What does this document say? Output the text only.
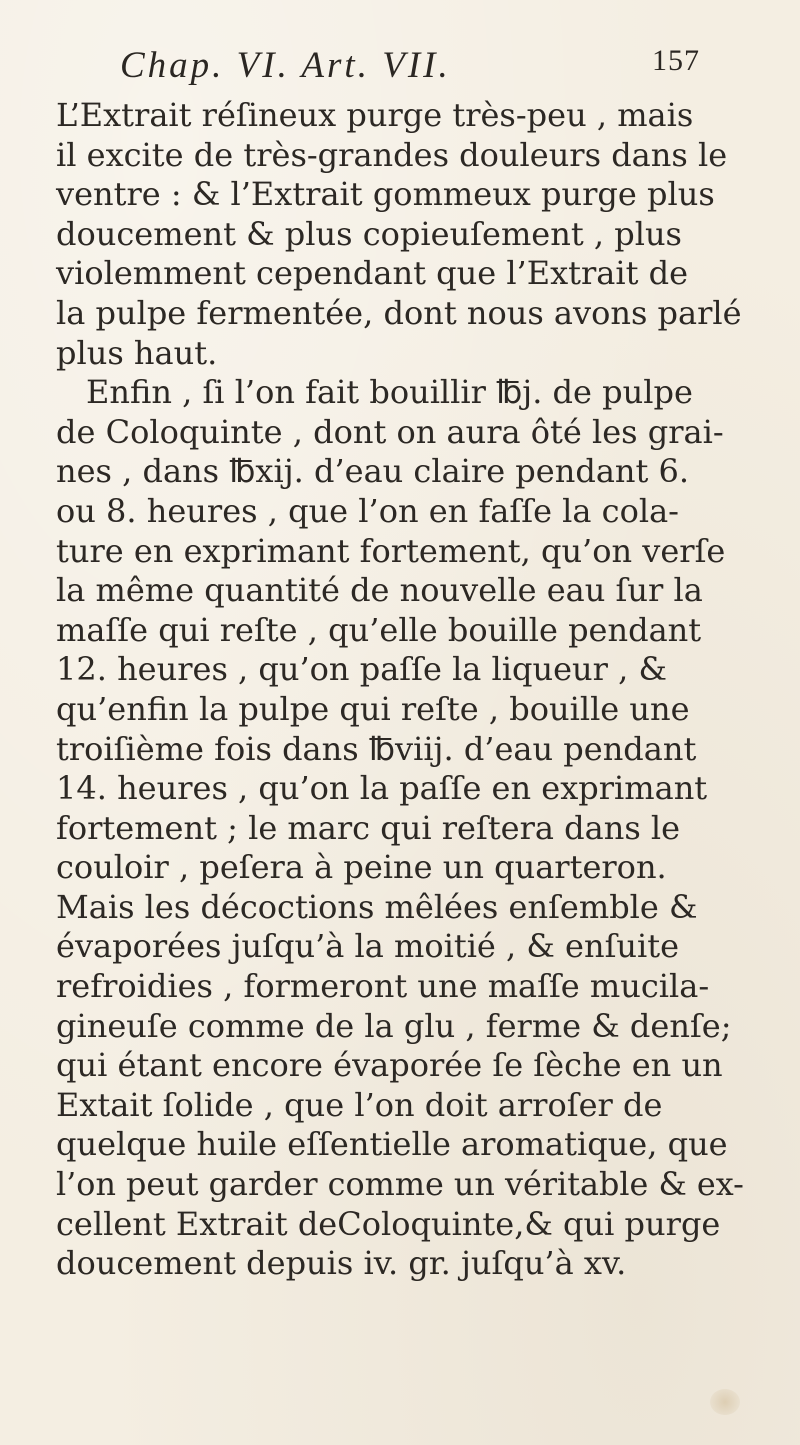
Chap. VI. Art. VII.	157
L’Extrait réſineux purge très-peu , mais
il excite de très-grandes douleurs dans le
ventre : & l’Extrait gommeux purge plus
doucement & plus copieuſement , plus
violemment cependant que l’Extrait de
la pulpe fermentée, dont nous avons parlé
plus haut.
Enfin , ſi l’on fait bouillir ℔j. de pulpe
de Coloquinte , dont on aura ôté les grai-
nes , dans ℔xij. d’eau claire pendant 6.
ou 8. heures , que l’on en faſſe la cola-
ture en exprimant fortement, qu’on verſe
la même quantité de nouvelle eau ſur la
maſſe qui reſte , qu’elle bouille pendant
12. heures , qu’on paſſe la liqueur , &
qu’enfin la pulpe qui reſte , bouille une
troiſième fois dans ℔viij. d’eau pendant
14. heures , qu’on la paſſe en exprimant
fortement ; le marc qui reſtera dans le
couloir , peſera à peine un quarteron.
Mais les décoctions mêlées enſemble &
évaporées juſqu’à la moitié , & enſuite
refroidies , formeront une maſſe mucila-
gineuſe comme de la glu , ferme & denſe;
qui étant encore évaporée ſe ſèche en un
Extait ſolide , que l’on doit arroſer de
quelque huile eſſentielle aromatique, que
l’on peut garder comme un véritable & ex-
cellent Extrait deColoquinte,& qui purge
doucement depuis iv. gr. juſqu’à xv.
